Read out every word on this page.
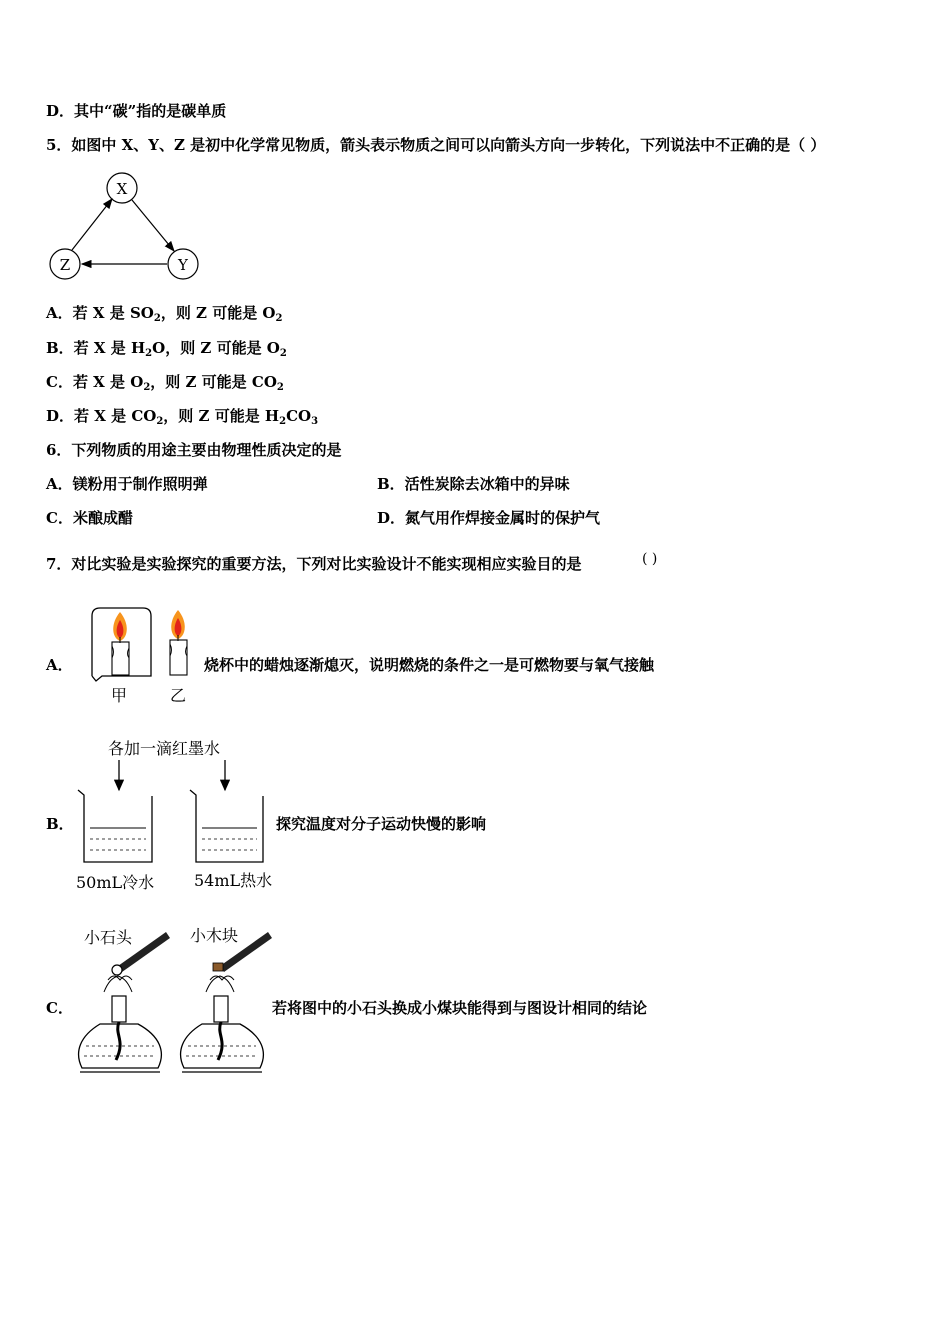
D．其中“碳”指的是碳单质
5．如图中 X、Y、Z 是初中化学常见物质，箭头表示物质之间可以向箭头方向一步转化，下列说法中不正确的是（ ）
X
Y
Z
A．若 X 是 $SO_2$，则 Z 可能是 $O_2$
B．若 X 是 $H_2O$，则 Z 可能是 $O_2$
C．若 X 是 $O_2$，则 Z 可能是 $CO_2$
D．若 X 是 $CO_2$，则 Z 可能是 $H_2CO_3$
6．下列物质的用途主要由物理性质决定的是
A．镁粉用于制作照明弹	B．活性炭除去冰箱中的异味
C．米酿成醋	D．氮气用作焊接金属时的保护气
7．对比实验是实验探究的重要方法，下列对比实验设计不能实现相应实验目的是	( )
A．
甲	乙
烧杯中的蜡烛逐渐熄灭，说明燃烧的条件之一是可燃物要与氧气接触
各加一滴红墨水
B．
50mL冷水 54mL热水
探究温度对分子运动快慢的影响
小石头	小木块
C．	若将图中的小石头换成小煤块能得到与图设计相同的结论
